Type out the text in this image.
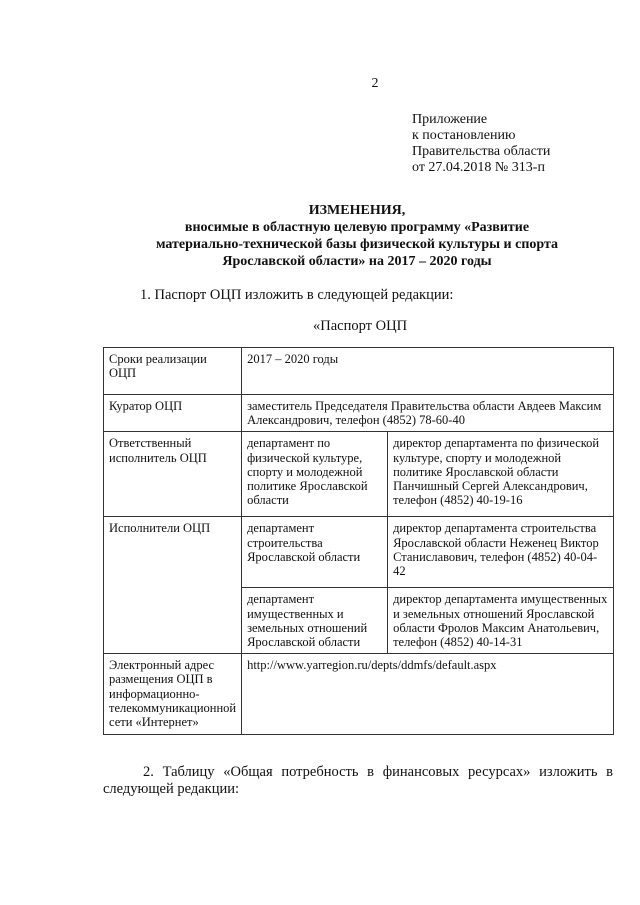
2
Приложение
к постановлению
Правительства области
от 27.04.2018 № 313-п
ИЗМЕНЕНИЯ,
вносимые в областную целевую программу «Развитие
материально-технической базы физической культуры и спорта
Ярославской области» на 2017 – 2020 годы
1. Паспорт ОЦП изложить в следующей редакции:
«Паспорт ОЦП
Сроки реализации ОЦП	2017 – 2020 годы	
Куратор ОЦП	заместитель Председателя Правительства области Авдеев Максим Александрович, телефон (4852) 78-60-40	
Ответственный исполнитель ОЦП	департамент по физической культуре, спорту и молодежной политике Ярославской области	директор департамента по физической культуре, спорту и молодежной политике Ярославской области Панчишный Сергей Александрович, телефон (4852) 40-19-16
Исполнители ОЦП	департамент строительства Ярославской области	директор департамента строительства Ярославской области Неженец Виктор Станиславович, телефон (4852) 40-04-42
	департамент имущественных и земельных отношений Ярославской области	директор департамента имущественных и земельных отношений Ярославской области Фролов Максим Анатольевич, телефон (4852) 40-14-31
Электронный адрес размещения ОЦП в информационно-телекоммуникационной сети «Интернет»	http://www.yarregion.ru/depts/ddmfs/default.aspx	
2. Таблицу «Общая потребность в финансовых ресурсах» изложить в следующей редакции:
